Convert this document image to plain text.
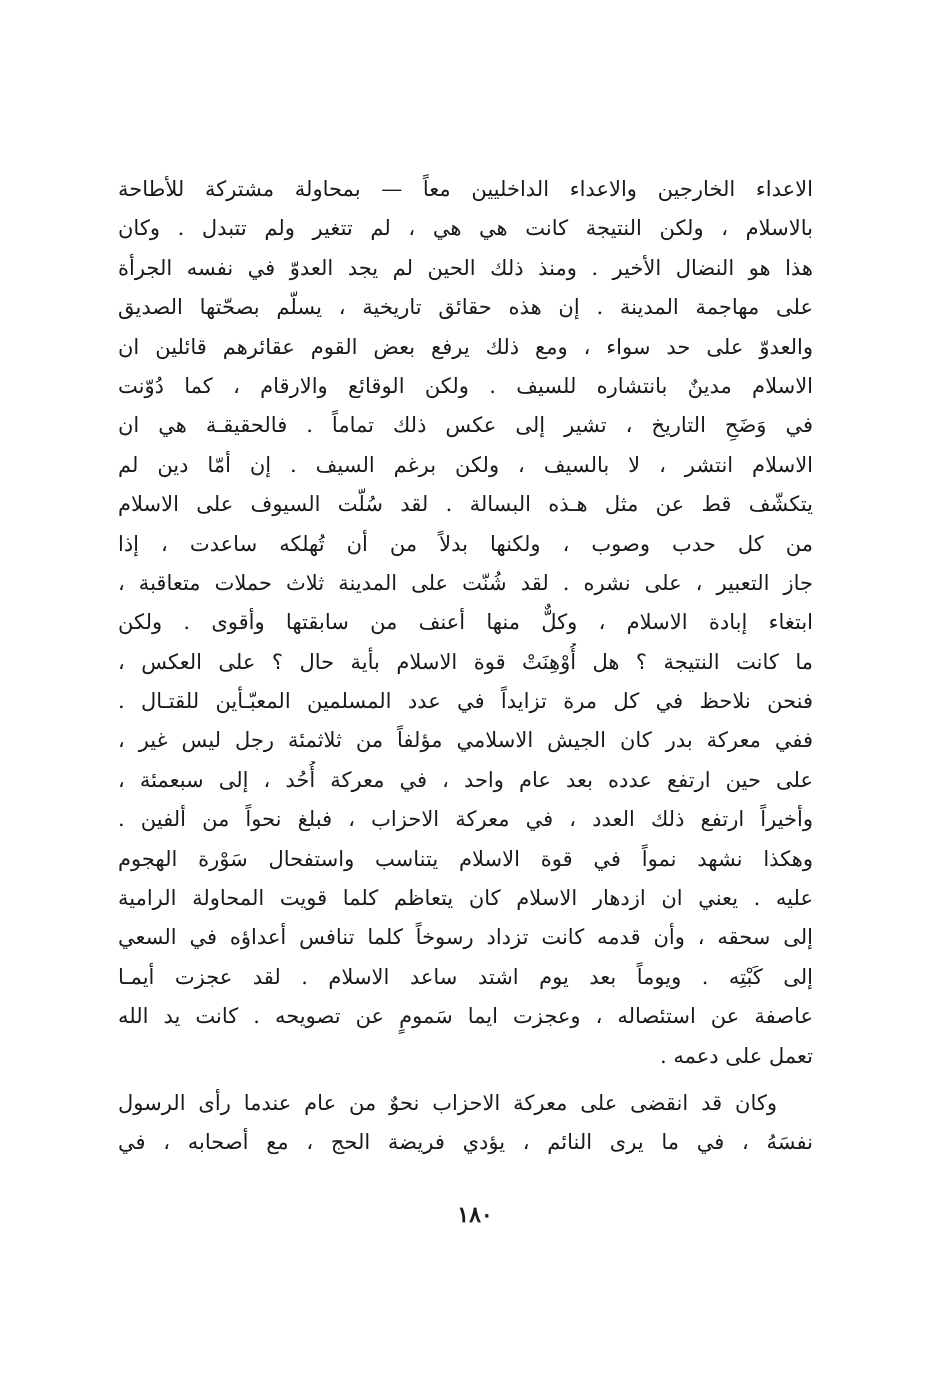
الاعداء الخارجين والاعداء الداخليين معاً — بمحاولة مشتركة للأطاحة
بالاسلام ، ولكن النتيجة كانت هي هي ، لم تتغير ولم تتبدل . وكان
هذا هو النضال الأخير . ومنذ ذلك الحين لم يجد العدوّ في نفسه الجرأة
على مهاجمة المدينة . إن هذه حقائق تاريخية ، يسلّم بصحّتها الصديق
والعدوّ على حد سواء ، ومع ذلك يرفع بعض القوم عقائرهم قائلين ان
الاسلام مدينٌ بانتشاره للسيف . ولكن الوقائع والارقام ، كما دُوّنت
في وَضَحِ التاريخ ، تشير إلى عكس ذلك تماماً . فالحقيقـة هي ان
الاسلام انتشر ، لا بالسيف ، ولكن برغم السيف . إن أمّا دين لم
يتكشّف قط عن مثل هـذه البسالة . لقد سُلّت السيوف على الاسلام
من كل حدب وصوب ، ولكنها بدلاً من أن تُهلكه ساعدت ، إذا
جاز التعبير ، على نشره . لقد شُنّت على المدينة ثلاث حملات متعاقبة ،
ابتغاء إبادة الاسلام ، وكلٌّ منها أعنف من سابقتها وأقوى . ولكن
ما كانت النتيجة ؟ هل أُوْهِنَتْ قوة الاسلام بأية حال ؟ على العكس ،
فنحن نلاحظ في كل مرة تزايداً في عدد المسلمين المعبّـأين للقتـال .
ففي معركة بدر كان الجيش الاسلامي مؤلفاً من ثلاثمئة رجل ليس غير ،
على حين ارتفع عدده بعد عام واحد ، في معركة أُحُد ، إلى سبعمئة ،
وأخيراً ارتفع ذلك العدد ، في معركة الاحزاب ، فبلغ نحواً من ألفين .
وهكذا نشهد نمواً في قوة الاسلام يتناسب واستفحال سَوْرة الهجوم
عليه . يعني ان ازدهار الاسلام كان يتعاظم كلما قويت المحاولة الرامية
إلى سحقه ، وأن قدمه كانت تزداد رسوخاً كلما تنافس أعداؤه في السعي
إلى كَبْتِه . ويوماً بعد يوم اشتد ساعد الاسلام . لقد عجزت أيمـا
عاصفة عن استئصاله ، وعجزت ايما سَمومٍ عن تصويحه . كانت يد الله
تعمل على دعمه .
وكان قد انقضى على معركة الاحزاب نحوٌ من عام عندما رأى الرسول
نفسَهُ ، في ما يرى النائم ، يؤدي فريضة الحج ، مع أصحابه ، في
١٨٠
